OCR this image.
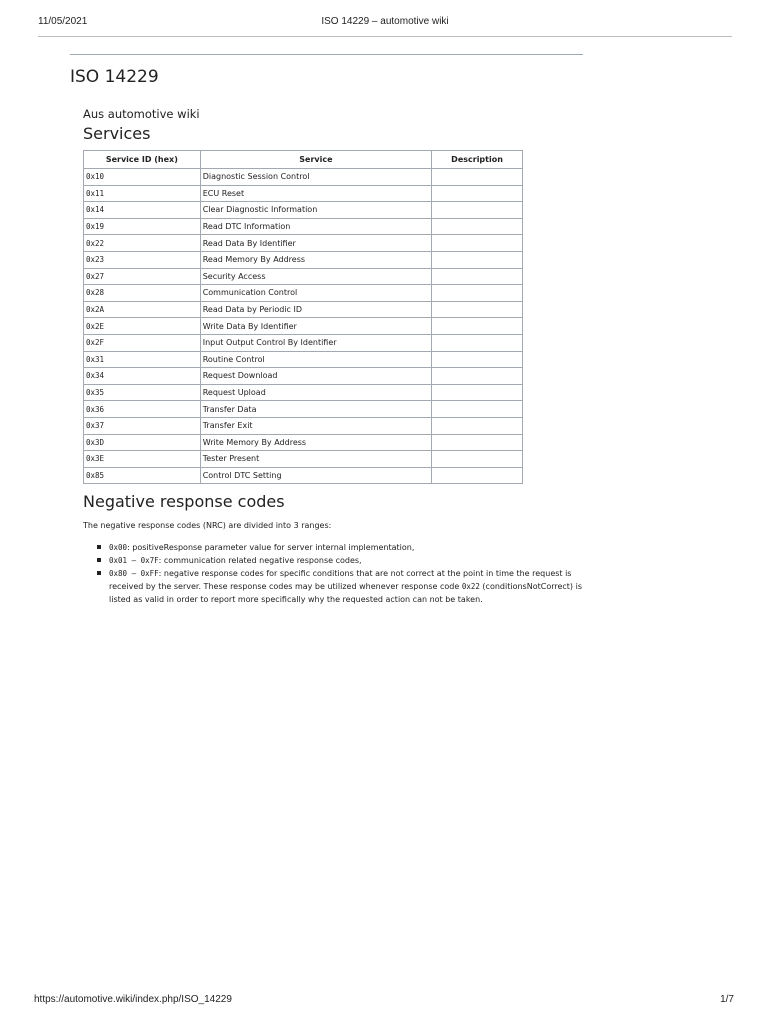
11/05/2021	ISO 14229 – automotive wiki
ISO 14229
Aus automotive wiki
Services
Service ID (hex)	Service	Description
0x10	Diagnostic Session Control	
0x11	ECU Reset	
0x14	Clear Diagnostic Information	
0x19	Read DTC Information	
0x22	Read Data By Identifier	
0x23	Read Memory By Address	
0x27	Security Access	
0x28	Communication Control	
0x2A	Read Data by Periodic ID	
0x2E	Write Data By Identifier	
0x2F	Input Output Control By Identifier	
0x31	Routine Control	
0x34	Request Download	
0x35	Request Upload	
0x36	Transfer Data	
0x37	Transfer Exit	
0x3D	Write Memory By Address	
0x3E	Tester Present	
0x85	Control DTC Setting	
Negative response codes

The negative response codes (NRC) are divided into 3 ranges:

0x00: positiveResponse parameter value for server internal implementation,
0x01 – 0x7F: communication related negative response codes,
0x80 – 0xFF: negative response codes for specific conditions that are not correct at the point in time the request is received by the server. These response codes may be utilized whenever response code 0x22 (conditionsNotCorrect) is listed as valid in order to report more specifically why the requested action can not be taken.
https://automotive.wiki/index.php/ISO_14229	1/7
